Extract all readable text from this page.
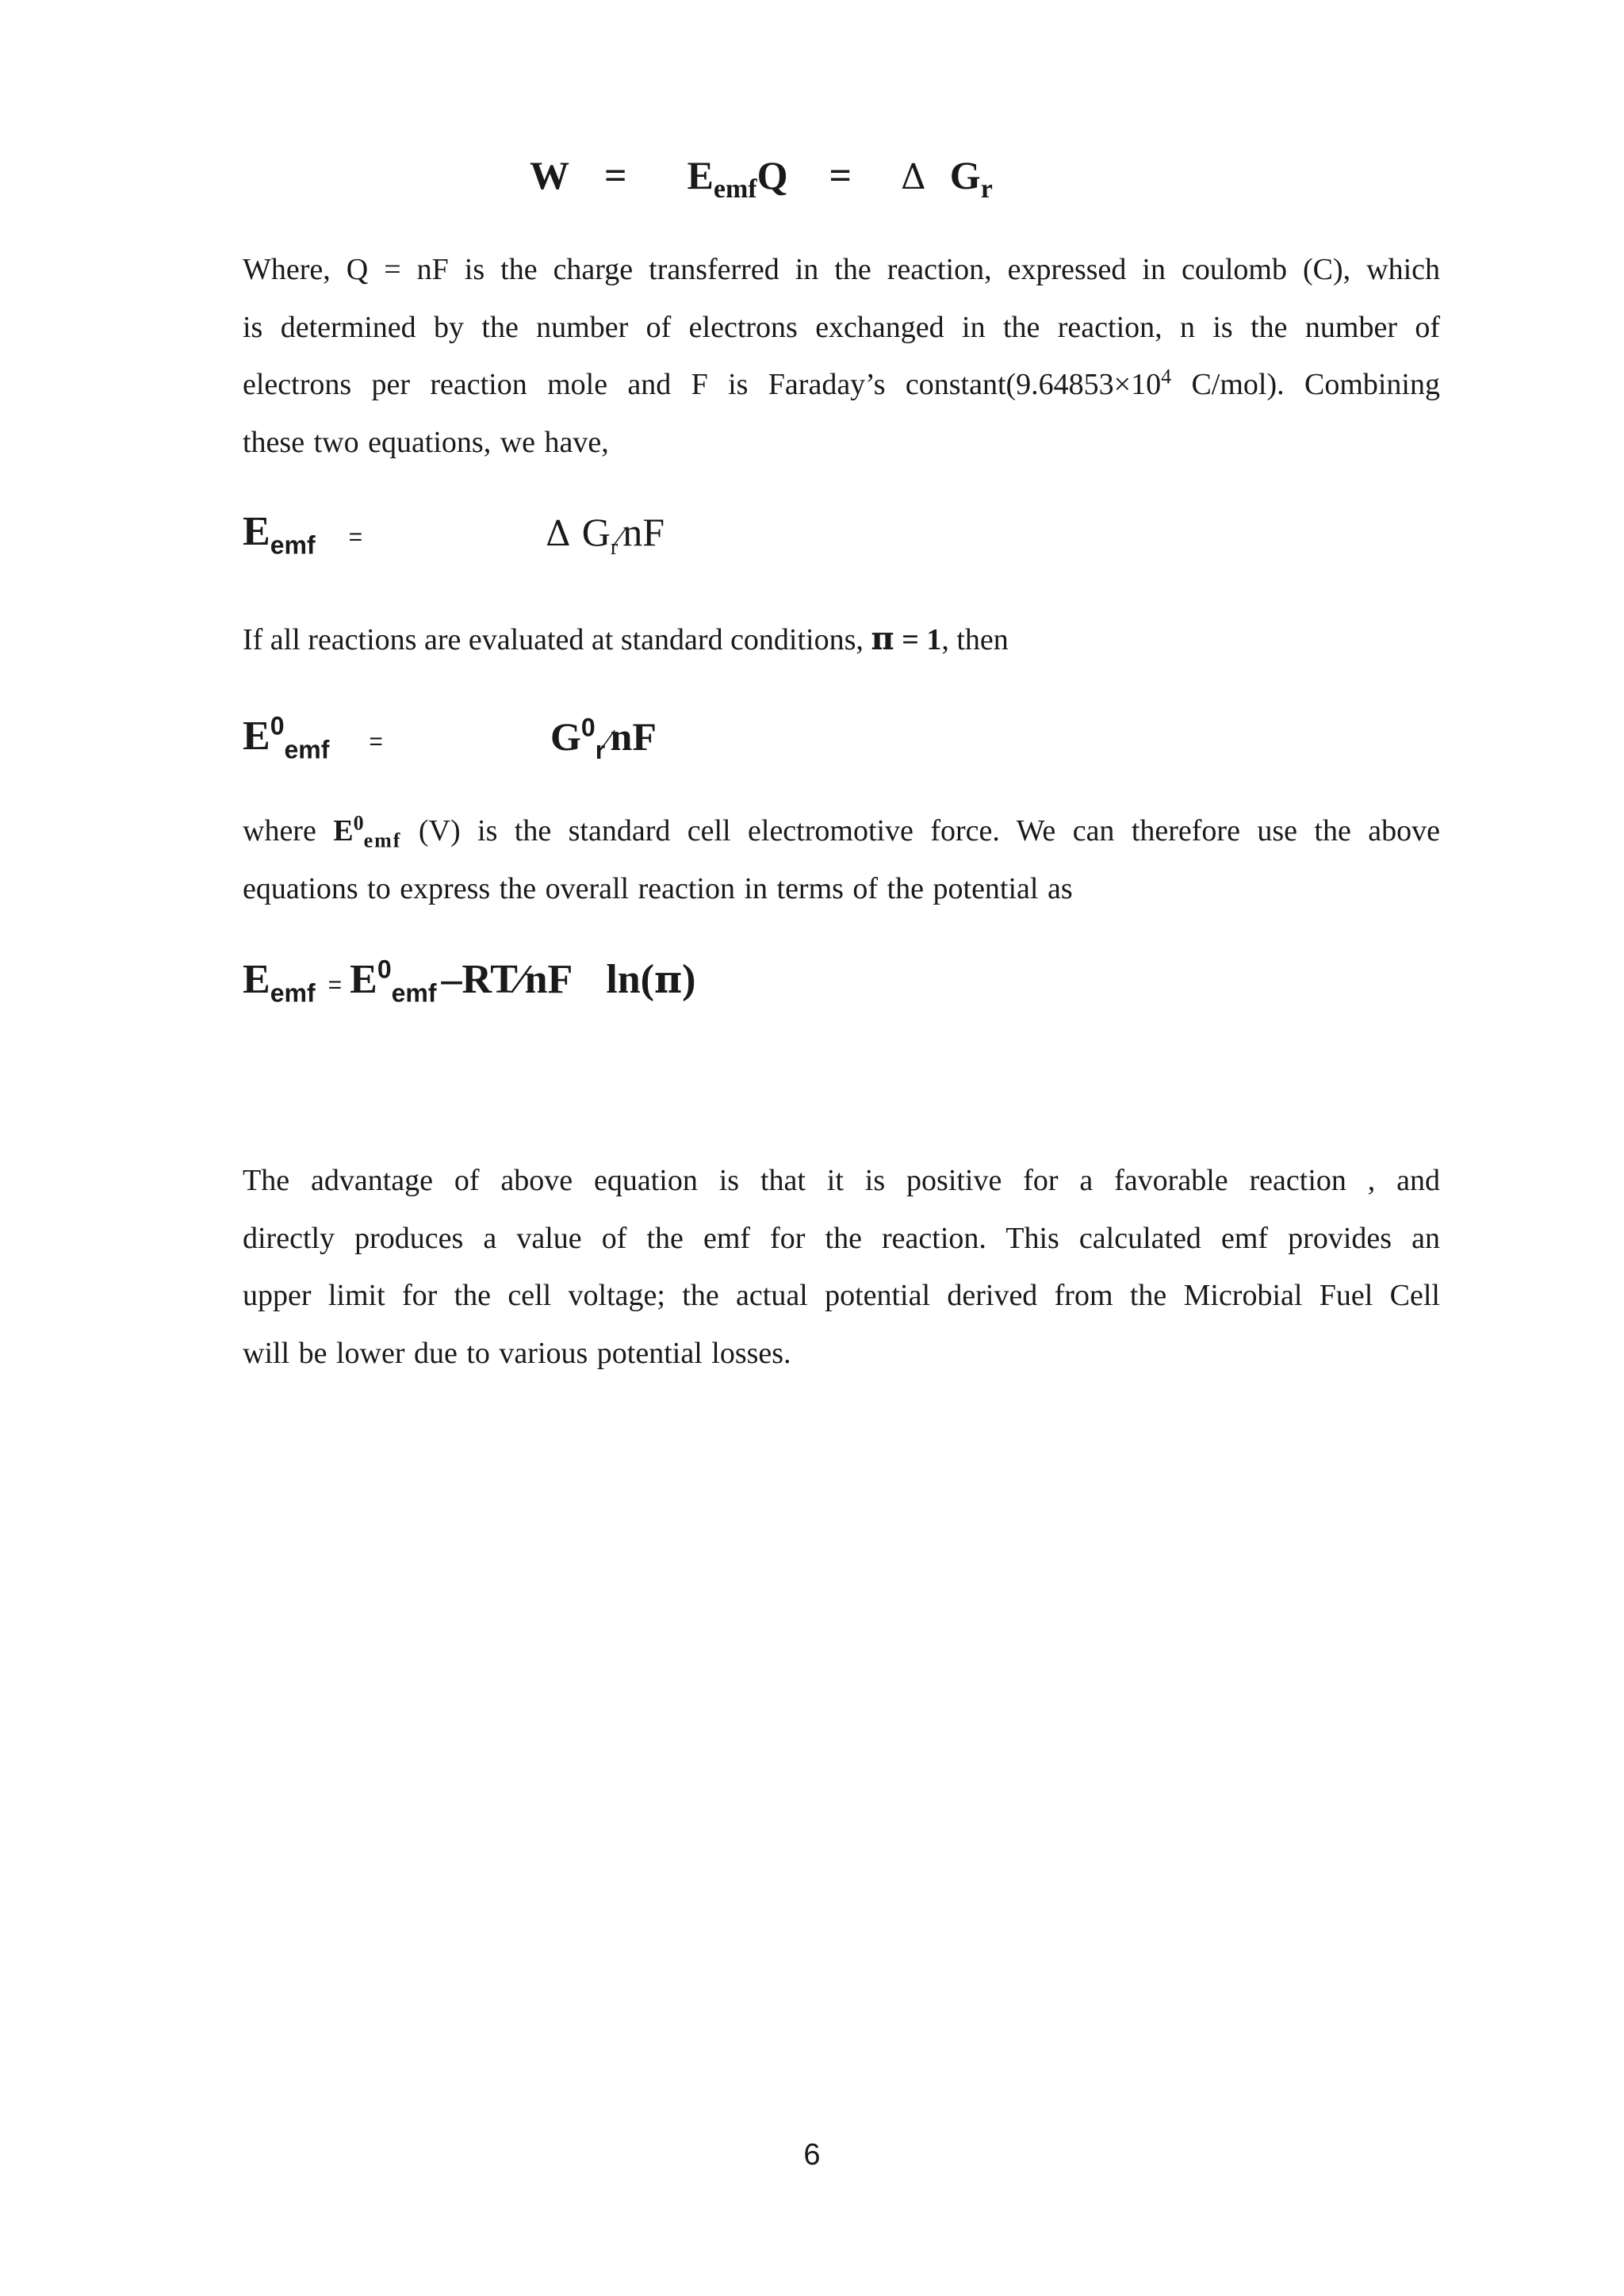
$W = E_{emf}Q = \Delta$ $G_r$
Where, Q = nF is the charge transferred in the reaction, expressed in coulomb (C), which
is determined by the number of electrons exchanged in the reaction, n is the number of
electrons per reaction mole and F is Faraday’s $constant(9.64853\times 10^4$ C/mol). Combining
these two equations, we have,
$E_{emf}$ =	Δ $G_r⁄nF$
If all reactions are evaluated at standard conditions, π = 1, then
$E^0_{emf}$ =	$G^0_r⁄nF$
where $E^0_{emf}$ (V) is the standard cell electromotive force. We can therefore use the above
equations to express the overall reaction in terms of the potential as
$E_{emf} = E^0_{emf}$ –RT⁄nF ln(π)
The advantage of above equation is that it is positive for a favorable reaction , and
directly produces a value of the emf for the reaction. This calculated emf provides an
upper limit for the cell voltage; the actual potential derived from the Microbial Fuel Cell
will be lower due to various potential losses.
6
